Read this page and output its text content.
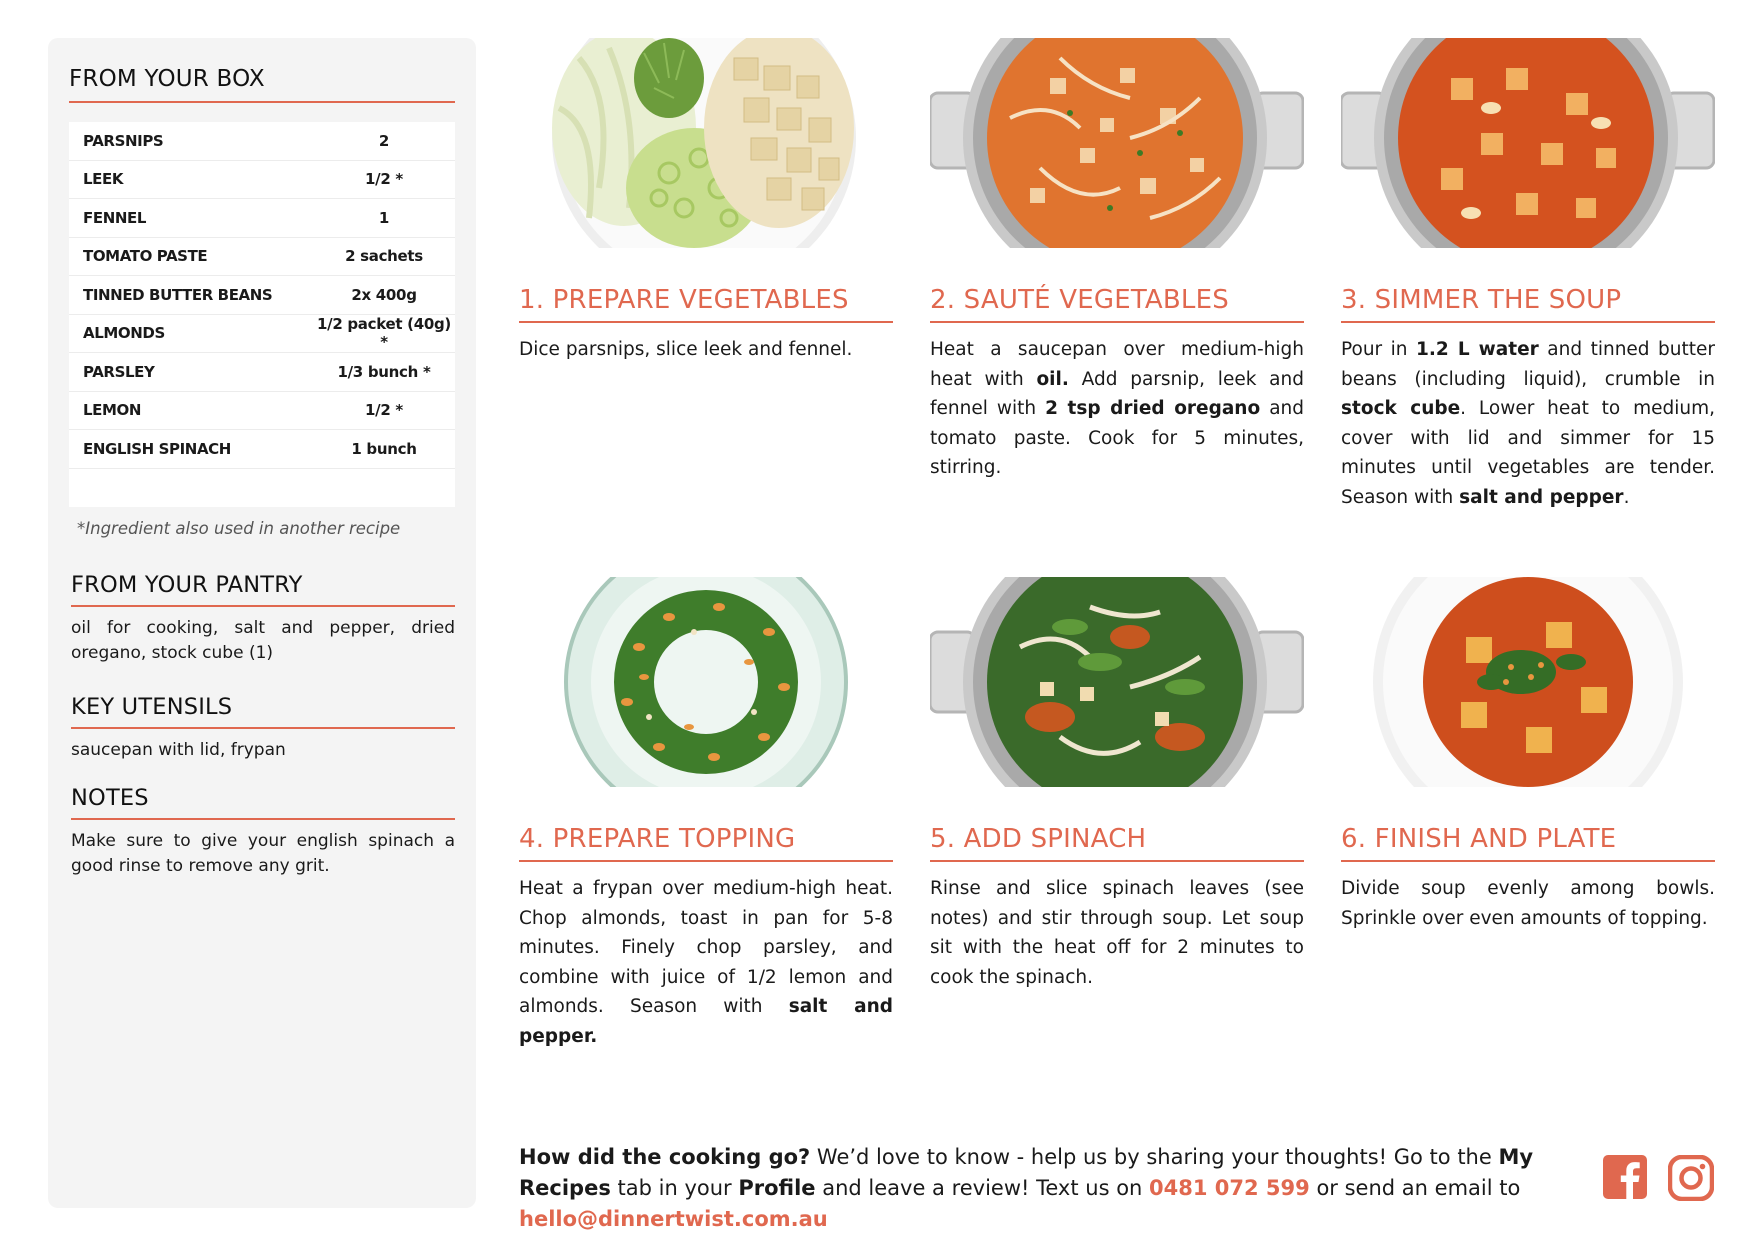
FROM YOUR BOX
PARSNIPS	2
LEEK	1/2 *
FENNEL	1
TOMATO PASTE	2 sachets
TINNED BUTTER BEANS	2x 400g
ALMONDS	1/2 packet (40g) *
PARSLEY	1/3 bunch *
LEMON	1/2 *
ENGLISH SPINACH	1 bunch
*Ingredient also used in another recipe
FROM YOUR PANTRY

oil for cooking, salt and pepper, dried oregano, stock cube (1)

KEY UTENSILS

saucepan with lid, frypan

NOTES

Make sure to give your english spinach a good rinse to remove any grit.

1. PREPARE VEGETABLES
Dice parsnips, slice leek and fennel.
2. SAUTÉ VEGETABLES
Heat a saucepan over medium-high heat with oil. Add parsnip, leek and fennel with 2 tsp dried oregano and tomato paste. Cook for 5 minutes, stirring.
3. SIMMER THE SOUP
Pour in 1.2 L water and tinned butter beans (including liquid), crumble in stock cube. Lower heat to medium, cover with lid and simmer for 15 minutes until vegetables are tender. Season with salt and pepper.
4. PREPARE TOPPING
Heat a frypan over medium-high heat. Chop almonds, toast in pan for 5-8 minutes. Finely chop parsley, and combine with juice of 1/2 lemon and almonds. Season with salt and pepper.
5. ADD SPINACH
Rinse and slice spinach leaves (see notes) and stir through soup. Let soup sit with the heat off for 2 minutes to cook the spinach.
6. FINISH AND PLATE
Divide soup evenly among bowls. Sprinkle over even amounts of topping.
How did the cooking go? We’d love to know - help us by sharing your thoughts! Go to the My Recipes tab in your Profile and leave a review! Text us on 0481 072 599 or send an email to hello@dinnertwist.com.au
